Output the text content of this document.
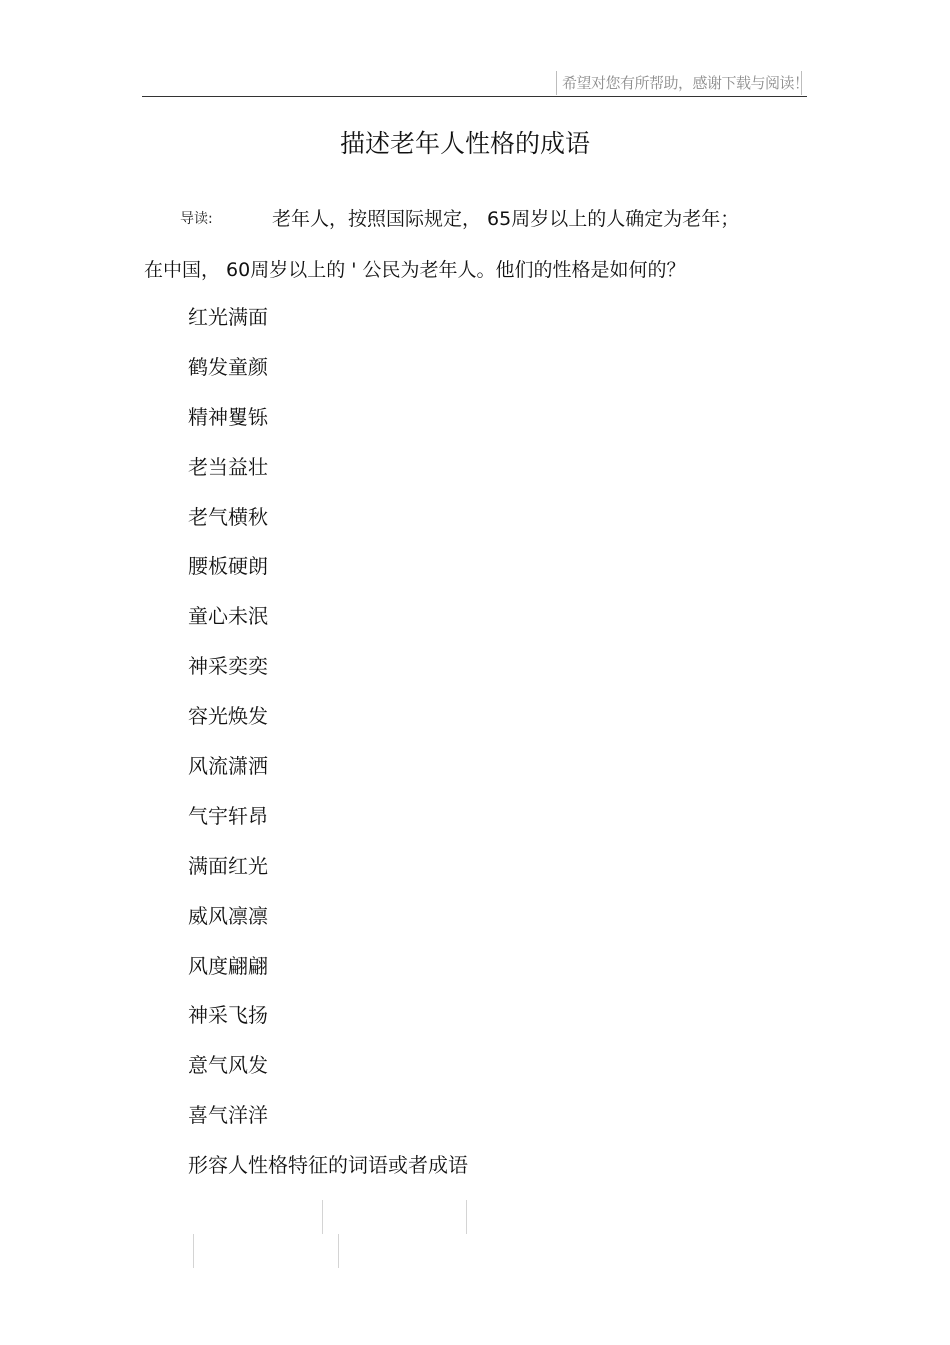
希望对您有所帮助，感谢下载与阅读！
描述老年人性格的成语
导读:	老年人，按照国际规定， 65周岁以上的人确定为老年；
在中国， 60周岁以上的 ' 公民为老年人。他们的性格是如何的？
红光满面
鹤发童颜
精神矍铄
老当益壮
老气横秋
腰板硬朗
童心未泯
神采奕奕
容光焕发
风流潇洒
气宇轩昂
满面红光
威风凛凛
风度翩翩
神采飞扬
意气风发
喜气洋洋
形容人性格特征的词语或者成语
